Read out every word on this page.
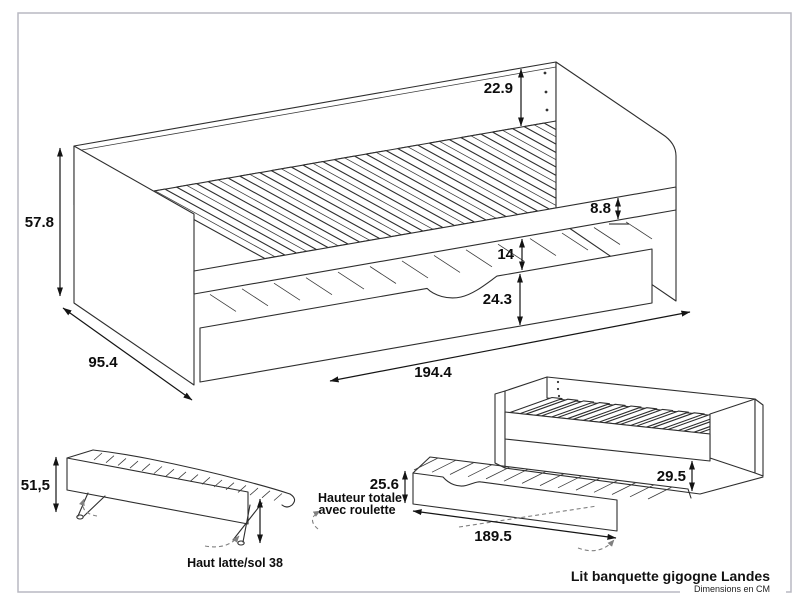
57.8
22.9
8.8
14
24.3
95.4
194.4
51,5
Haut latte/sol 38
29.5
25.6
Hauteur totale
avec roulette
189.5
Lit banquette gigogne Landes
Dimensions en CM
